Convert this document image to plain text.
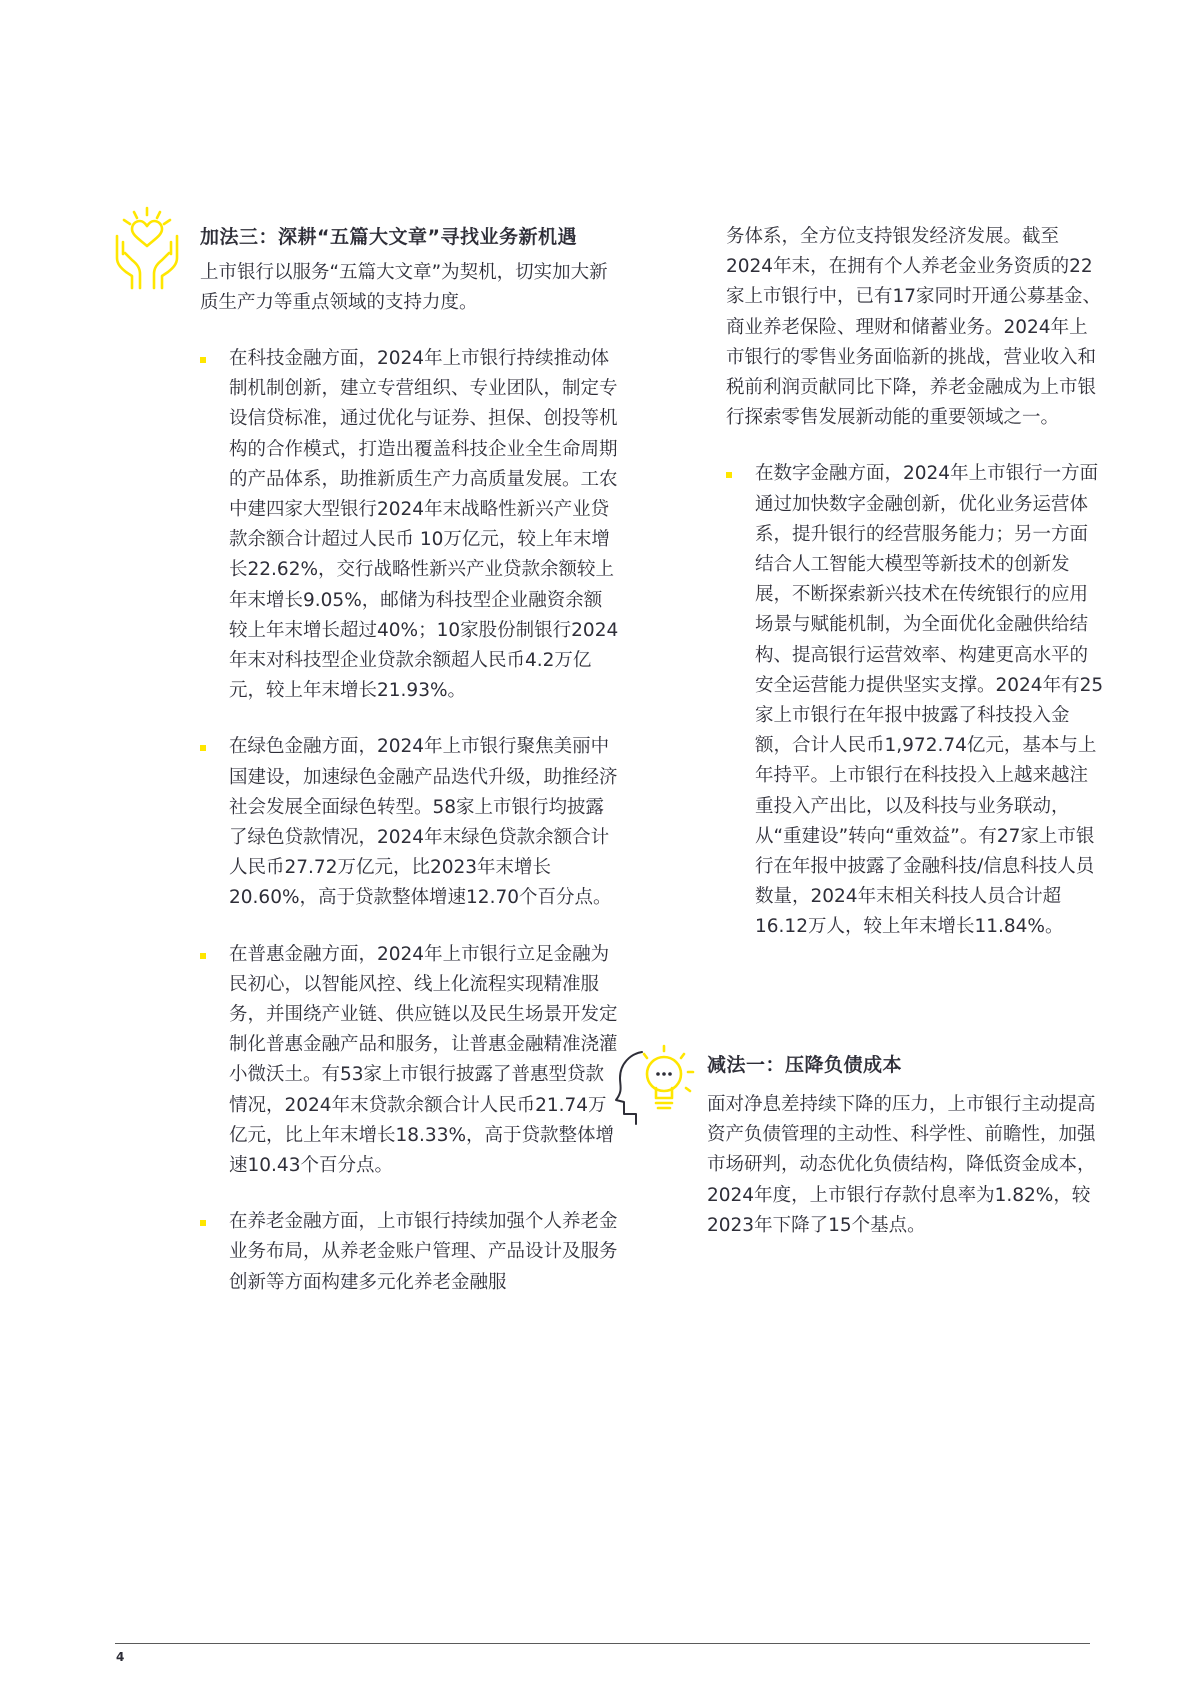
加法三：深耕“五篇大文章”寻找业务新机遇

上市银行以服务“五篇大文章”为契机，切实加大新质生产力等重点领域的支持力度。

在科技金融方面，2024年上市银行持续推动体制机制创新，建立专营组织、专业团队，制定专设信贷标准，通过优化与证券、担保、创投等机构的合作模式，打造出覆盖科技企业全生命周期的产品体系，助推新质生产力高质量发展。工农中建四家大型银行2024年末战略性新兴产业贷款余额合计超过人民币 10万亿元，较上年末增长22.62%，交行战略性新兴产业贷款余额较上年末增长9.05%，邮储为科技型企业融资余额较上年末增长超过40%；10家股份制银行2024年末对科技型企业贷款余额超人民币4.2万亿元，较上年末增长21.93%。
在绿色金融方面，2024年上市银行聚焦美丽中国建设，加速绿色金融产品迭代升级，助推经济社会发展全面绿色转型。58家上市银行均披露了绿色贷款情况，2024年末绿色贷款余额合计人民币27.72万亿元，比2023年末增长20.60%，高于贷款整体增速12.70个百分点。
在普惠金融方面，2024年上市银行立足金融为民初心，以智能风控、线上化流程实现精准服务，并围绕产业链、供应链以及民生场景开发定制化普惠金融产品和服务，让普惠金融精准浇灌小微沃土。有53家上市银行披露了普惠型贷款情况，2024年末贷款余额合计人民币21.74万亿元，比上年末增长18.33%，高于贷款整体增速10.43个百分点。
在养老金融方面，上市银行持续加强个人养老金业务布局，从养老金账户管理、产品设计及服务创新等方面构建多元化养老金融服

务体系，全方位支持银发经济发展。截至2024年末，在拥有个人养老金业务资质的22家上市银行中，已有17家同时开通公募基金、商业养老保险、理财和储蓄业务。2024年上市银行的零售业务面临新的挑战，营业收入和税前利润贡献同比下降，养老金融成为上市银行探索零售发展新动能的重要领域之一。

在数字金融方面，2024年上市银行一方面通过加快数字金融创新，优化业务运营体系，提升银行的经营服务能力；另一方面结合人工智能大模型等新技术的创新发展，不断探索新兴技术在传统银行的应用场景与赋能机制，为全面优化金融供给结构、提高银行运营效率、构建更高水平的安全运营能力提供坚实支撑。2024年有25家上市银行在年报中披露了科技投入金额，合计人民币1,972.74亿元，基本与上年持平。上市银行在科技投入上越来越注重投入产出比，以及科技与业务联动，从“重建设”转向“重效益”。有27家上市银行在年报中披露了金融科技/信息科技人员数量，2024年末相关科技人员合计超16.12万人，较上年末增长11.84%。
减法一：压降负债成本

面对净息差持续下降的压力，上市银行主动提高资产负债管理的主动性、科学性、前瞻性，加强市场研判，动态优化负债结构，降低资金成本，2024年度，上市银行存款付息率为1.82%，较2023年下降了15个基点。

4
